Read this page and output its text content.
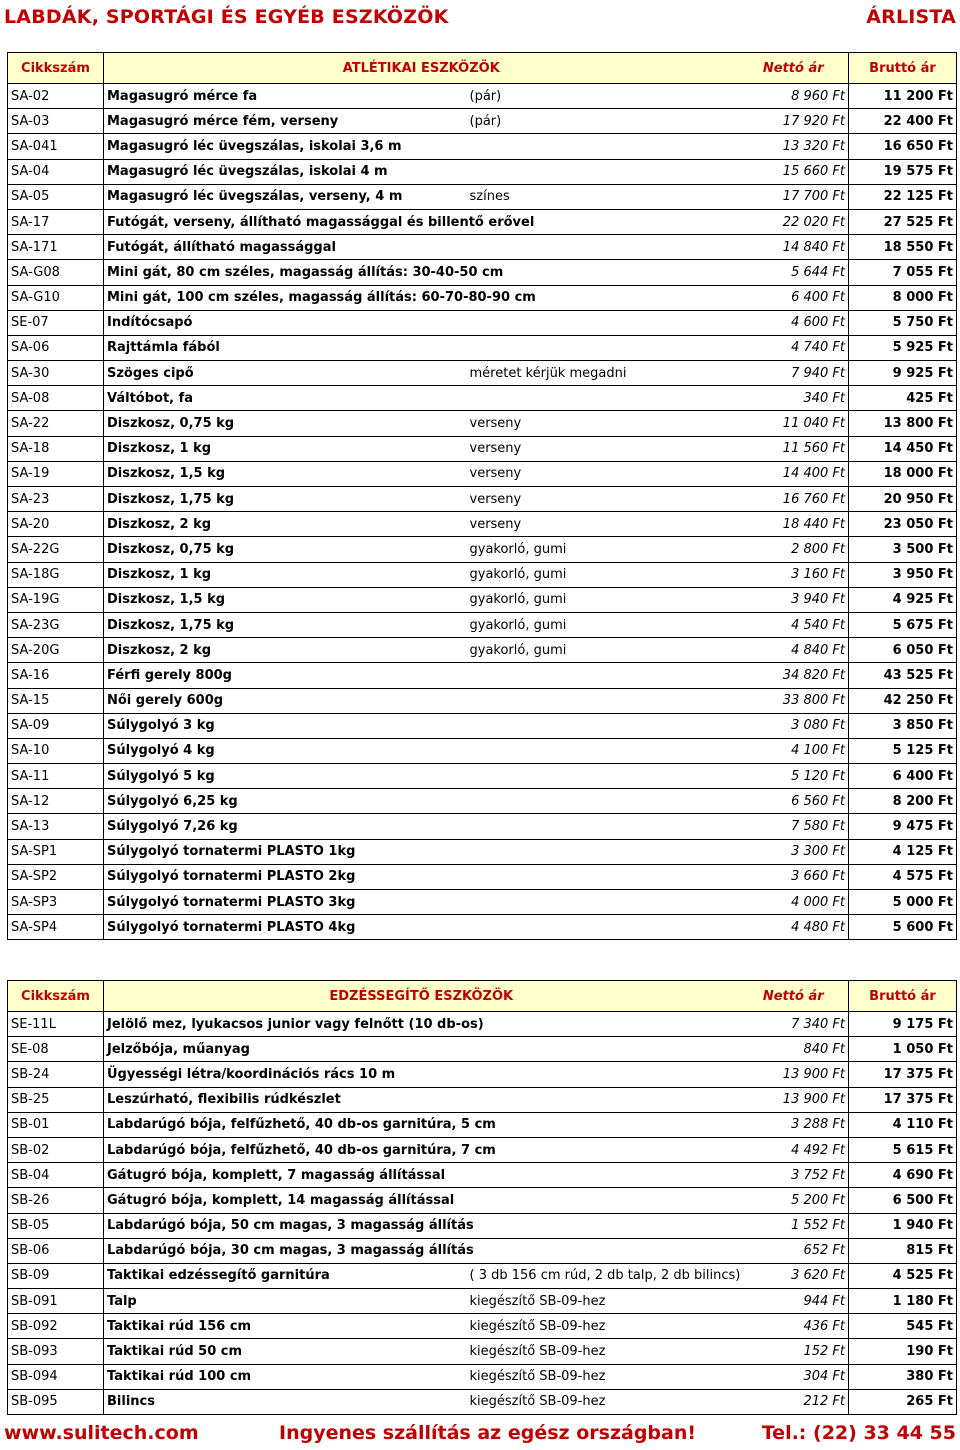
LABDÁK, SPORTÁGI ÉS EGYÉB ESZKÖZÖK	ÁRLISTA
Cikkszám	ATLÉTIKAI ESZKÖZÖK		Nettó ár	Bruttó ár
SA-02	Magasugró mérce fa	(pár)	8 960 Ft	11 200 Ft
SA-03	Magasugró mérce fém, verseny	(pár)	17 920 Ft	22 400 Ft
SA-041	Magasugró léc üvegszálas, iskolai 3,6 m		13 320 Ft	16 650 Ft
SA-04	Magasugró léc üvegszálas, iskolai 4 m		15 660 Ft	19 575 Ft
SA-05	Magasugró léc üvegszálas, verseny, 4 m	színes	17 700 Ft	22 125 Ft
SA-17	Futógát, verseny, állítható magassággal és billentő erővel		22 020 Ft	27 525 Ft
SA-171	Futógát, állítható magassággal		14 840 Ft	18 550 Ft
SA-G08	Mini gát, 80 cm széles, magasság állítás: 30-40-50 cm		5 644 Ft	7 055 Ft
SA-G10	Mini gát, 100 cm széles, magasság állítás: 60-70-80-90 cm		6 400 Ft	8 000 Ft
SE-07	Indítócsapó		4 600 Ft	5 750 Ft
SA-06	Rajttámla fából		4 740 Ft	5 925 Ft
SA-30	Szöges cipő	méretet kérjük megadni	7 940 Ft	9 925 Ft
SA-08	Váltóbot, fa		340 Ft	425 Ft
SA-22	Diszkosz, 0,75 kg	verseny	11 040 Ft	13 800 Ft
SA-18	Diszkosz, 1 kg	verseny	11 560 Ft	14 450 Ft
SA-19	Diszkosz, 1,5 kg	verseny	14 400 Ft	18 000 Ft
SA-23	Diszkosz, 1,75 kg	verseny	16 760 Ft	20 950 Ft
SA-20	Diszkosz, 2 kg	verseny	18 440 Ft	23 050 Ft
SA-22G	Diszkosz, 0,75 kg	gyakorló, gumi	2 800 Ft	3 500 Ft
SA-18G	Diszkosz, 1 kg	gyakorló, gumi	3 160 Ft	3 950 Ft
SA-19G	Diszkosz, 1,5 kg	gyakorló, gumi	3 940 Ft	4 925 Ft
SA-23G	Diszkosz, 1,75 kg	gyakorló, gumi	4 540 Ft	5 675 Ft
SA-20G	Diszkosz, 2 kg	gyakorló, gumi	4 840 Ft	6 050 Ft
SA-16	Férfi gerely 800g		34 820 Ft	43 525 Ft
SA-15	Női gerely 600g		33 800 Ft	42 250 Ft
SA-09	Súlygolyó 3 kg		3 080 Ft	3 850 Ft
SA-10	Súlygolyó 4 kg		4 100 Ft	5 125 Ft
SA-11	Súlygolyó 5 kg		5 120 Ft	6 400 Ft
SA-12	Súlygolyó 6,25 kg		6 560 Ft	8 200 Ft
SA-13	Súlygolyó 7,26 kg		7 580 Ft	9 475 Ft
SA-SP1	Súlygolyó tornatermi PLASTO 1kg		3 300 Ft	4 125 Ft
SA-SP2	Súlygolyó tornatermi PLASTO 2kg		3 660 Ft	4 575 Ft
SA-SP3	Súlygolyó tornatermi PLASTO 3kg		4 000 Ft	5 000 Ft
SA-SP4	Súlygolyó tornatermi PLASTO 4kg		4 480 Ft	5 600 Ft
Cikkszám	EDZÉSSEGÍTŐ ESZKÖZÖK		Nettó ár	Bruttó ár
SE-11L	Jelölő mez, lyukacsos junior vagy felnőtt (10 db-os)		7 340 Ft	9 175 Ft
SE-08	Jelzőbója, műanyag		840 Ft	1 050 Ft
SB-24	Ügyességi létra/koordinációs rács 10 m		13 900 Ft	17 375 Ft
SB-25	Leszúrható, flexibilis rúdkészlet		13 900 Ft	17 375 Ft
SB-01	Labdarúgó bója, felfűzhető, 40 db-os garnitúra, 5 cm		3 288 Ft	4 110 Ft
SB-02	Labdarúgó bója, felfűzhető, 40 db-os garnitúra, 7 cm		4 492 Ft	5 615 Ft
SB-04	Gátugró bója, komplett, 7 magasság állítással		3 752 Ft	4 690 Ft
SB-26	Gátugró bója, komplett, 14 magasság állítással		5 200 Ft	6 500 Ft
SB-05	Labdarúgó bója, 50 cm magas, 3 magasság állítás		1 552 Ft	1 940 Ft
SB-06	Labdarúgó bója, 30 cm magas, 3 magasság állítás		652 Ft	815 Ft
SB-09	Taktikai edzéssegítő garnitúra	( 3 db 156 cm rúd, 2 db talp, 2 db bilincs)	3 620 Ft	4 525 Ft
SB-091	Talp	kiegészítő SB-09-hez	944 Ft	1 180 Ft
SB-092	Taktikai rúd 156 cm	kiegészítő SB-09-hez	436 Ft	545 Ft
SB-093	Taktikai rúd 50 cm	kiegészítő SB-09-hez	152 Ft	190 Ft
SB-094	Taktikai rúd 100 cm	kiegészítő SB-09-hez	304 Ft	380 Ft
SB-095	Bilincs	kiegészítő SB-09-hez	212 Ft	265 Ft
www.sulitech.com	Ingyenes szállítás az egész országban!	Tel.: (22) 33 44 55
